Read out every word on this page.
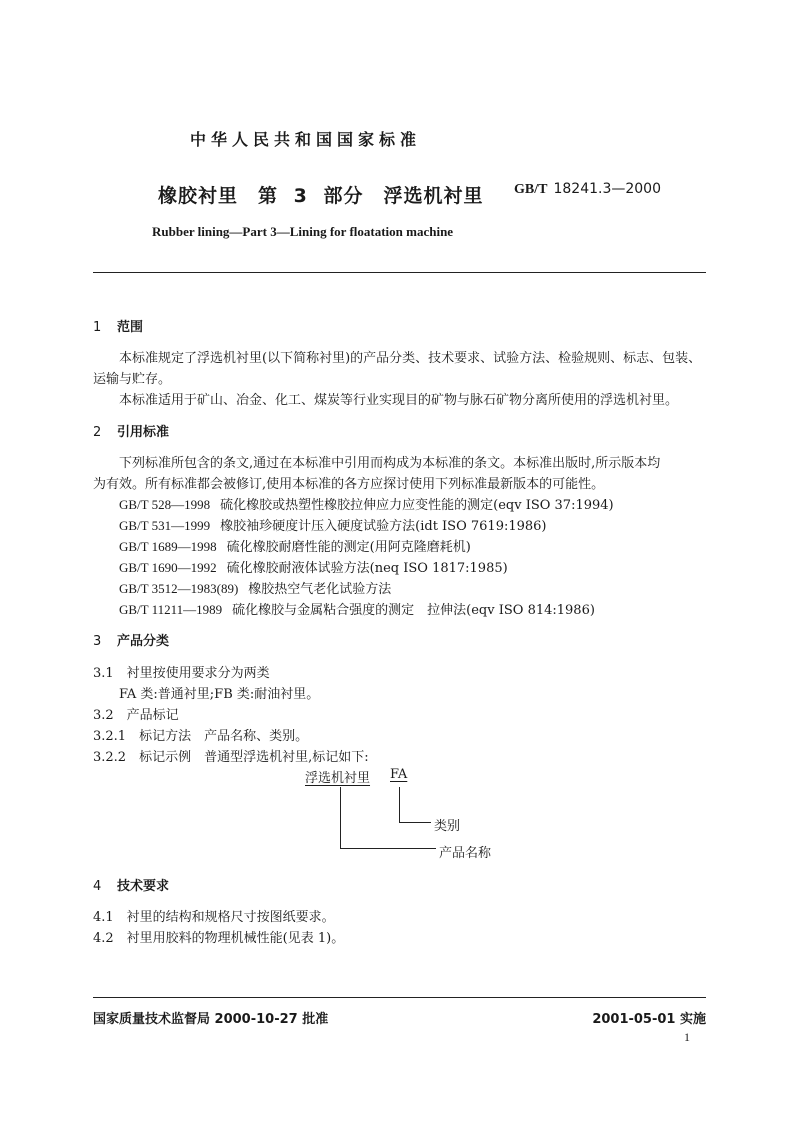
中华人民共和国国家标准
橡胶衬里　第 3 部分　浮选机衬里 GB/T 18241.3—2000
Rubber lining—Part 3—Lining for floatation machine
1 范围
本标准规定了浮选机衬里(以下简称衬里)的产品分类、技术要求、试验方法、检验规则、标志、包装、
运输与贮存。
本标准适用于矿山、冶金、化工、煤炭等行业实现目的矿物与脉石矿物分离所使用的浮选机衬里。
2 引用标准
下列标准所包含的条文,通过在本标准中引用而构成为本标准的条文。本标准出版时,所示版本均
为有效。所有标准都会被修订,使用本标准的各方应探讨使用下列标准最新版本的可能性。
GB/T 528—1998 硫化橡胶或热塑性橡胶拉伸应力应变性能的测定(eqv ISO 37:1994)
GB/T 531—1999 橡胶袖珍硬度计压入硬度试验方法(idt ISO 7619:1986)
GB/T 1689—1998 硫化橡胶耐磨性能的测定(用阿克隆磨耗机)
GB/T 1690—1992 硫化橡胶耐液体试验方法(neq ISO 1817:1985)
GB/T 3512—1983(89) 橡胶热空气老化试验方法
GB/T 11211—1989 硫化橡胶与金属粘合强度的测定　拉伸法(eqv ISO 814:1986)
3 产品分类
3.1　衬里按使用要求分为两类
FA 类:普通衬里;FB 类:耐油衬里。
3.2　产品标记
3.2.1　标记方法　产品名称、类别。
3.2.2　标记示例　普通型浮选机衬里,标记如下:
浮选机衬里 FA
类别
产品名称
4 技术要求
4.1　衬里的结构和规格尺寸按图纸要求。
4.2　衬里用胶料的物理机械性能(见表 1)。
国家质量技术监督局 2000-10-27 批准	2001-05-01 实施
1
